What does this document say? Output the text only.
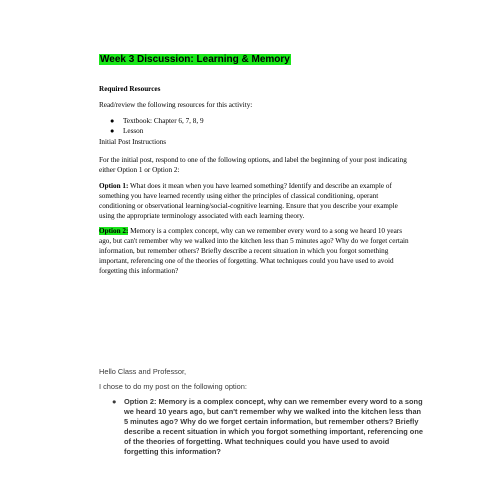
Week 3 Discussion: Learning & Memory

Required Resources

Read/review the following resources for this activity:

● Textbook: Chapter 6, 7, 8, 9
● Lesson

Initial Post Instructions

For the initial post, respond to one of the following options, and label the beginning of your post indicating either Option 1 or Option 2:

Option 1: What does it mean when you have learned something? Identify and describe an example of something you have learned recently using either the principles of classical conditioning, operant conditioning or observational learning/social-cognitive learning. Ensure that you describe your example using the appropriate terminology associated with each learning theory.

Option 2: Memory is a complex concept, why can we remember every word to a song we heard 10 years ago, but can't remember why we walked into the kitchen less than 5 minutes ago? Why do we forget certain information, but remember others? Briefly describe a recent situation in which you forgot something important, referencing one of the theories of forgetting. What techniques could you have used to avoid forgetting this information?

Hello Class and Professor,

I chose to do my post on the following option:

● Option 2: Memory is a complex concept, why can we remember every word to a song we heard 10 years ago, but can't remember why we walked into the kitchen less than 5 minutes ago? Why do we forget certain information, but remember others? Briefly describe a recent situation in which you forgot something important, referencing one of the theories of forgetting. What techniques could you have used to avoid forgetting this information?
